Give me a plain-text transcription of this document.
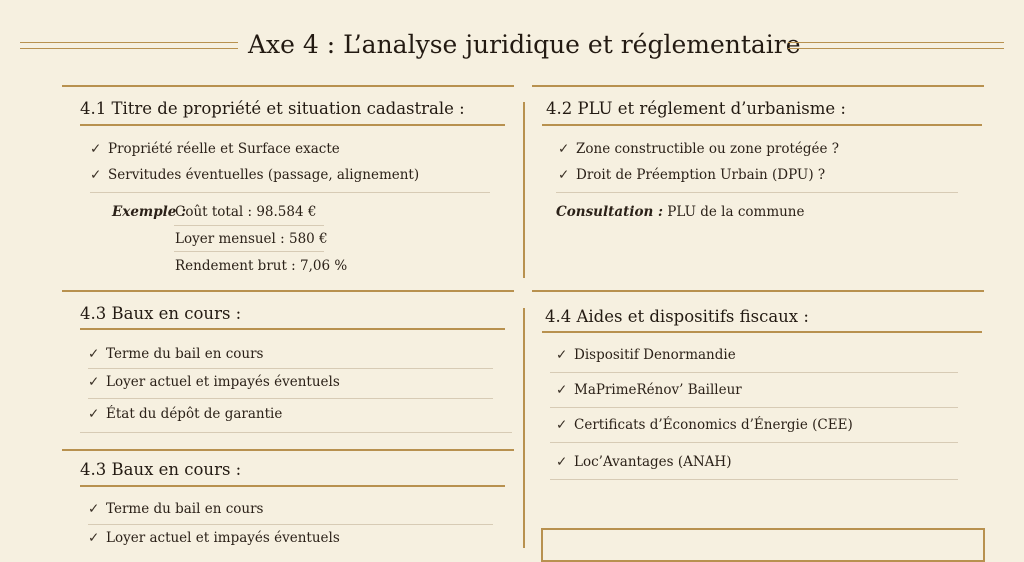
Axe 4 : L’analyse juridique et réglementaire
4.1 Titre de propriété et situation cadastrale :
✓ Propriété réelle et Surface exacte
✓ Servitudes éventuelles (passage, alignement)
Exemple :
Coût total : 98.584 €
Loyer mensuel : 580 €
Rendement brut : 7,06 %
4.2 PLU et réglement d’urbanisme :
✓ Zone constructible ou zone protégée ?
✓ Droit de Préemption Urbain (DPU) ?
Consultation : PLU de la commune
4.3 Baux en cours :
✓ Terme du bail en cours
✓ Loyer actuel et impayés éventuels
✓ État du dépôt de garantie
4.3 Baux en cours :
✓ Terme du bail en cours
✓ Loyer actuel et impayés éventuels
4.4 Aides et dispositifs fiscaux :
✓ Dispositif Denormandie
✓ MaPrimeRénov’ Bailleur
✓ Certificats d’Économics d’Énergie (CEE)
✓ Loc’Avantages (ANAH)
